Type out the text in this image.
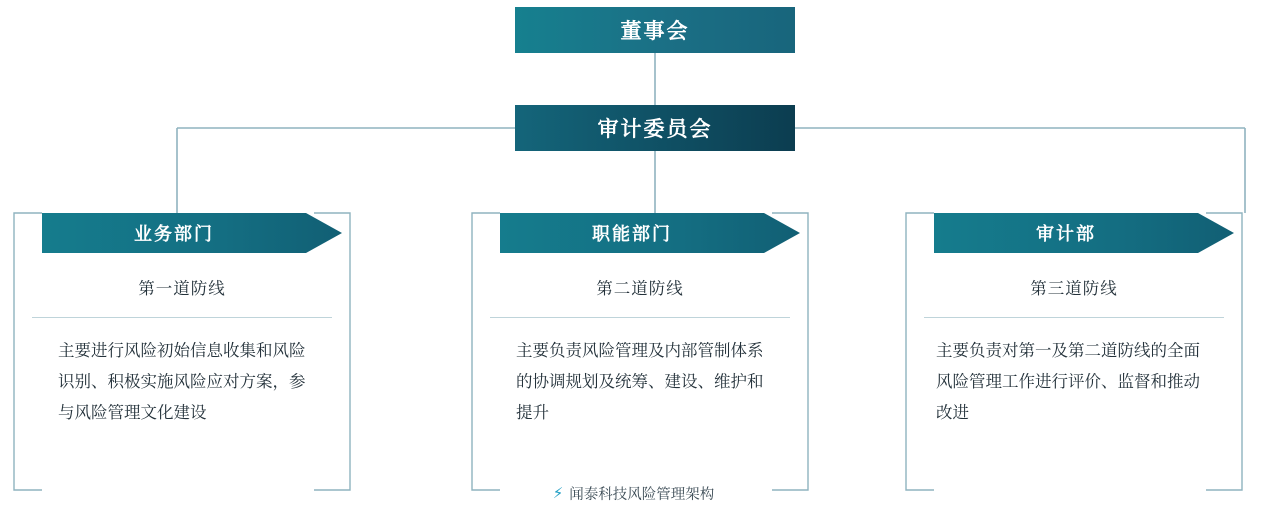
董事会
审计委员会
业务部门
第一道防线
主要进行风险初始信息收集和风险识别、积极实施风险应对方案，参与风险管理文化建设
职能部门
第二道防线
主要负责风险管理及内部管制体系的协调规划及统筹、建设、维护和提升
审计部
第三道防线
主要负责对第一及第二道防线的全面风险管理工作进行评价、监督和推动改进
⚡ 闻泰科技风险管理架构
